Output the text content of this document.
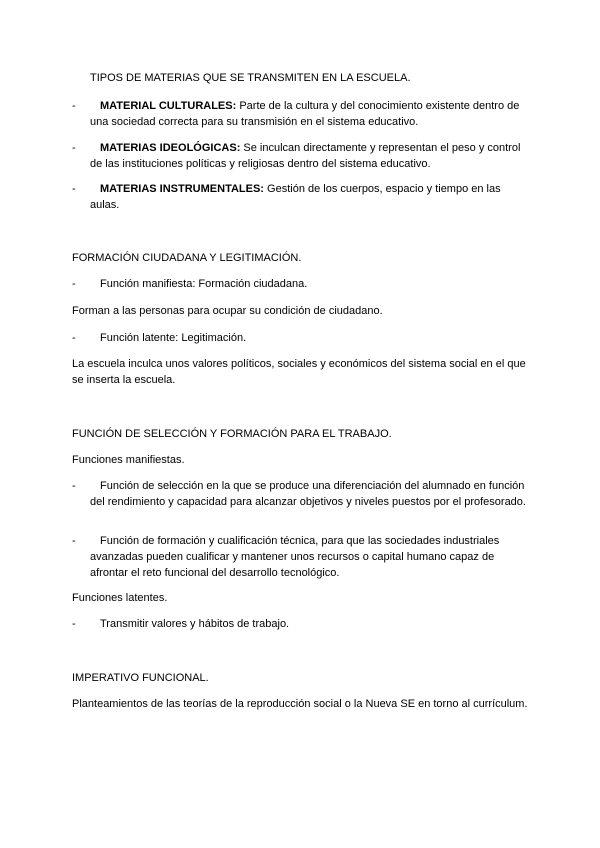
TIPOS DE MATERIAS QUE SE TRANSMITEN EN LA ESCUELA.

-	MATERIAL CULTURALES: Parte de la cultura y del conocimiento existente dentro de una sociedad correcta para su transmisión en el sistema educativo.
-	MATERIAS IDEOLÓGICAS: Se inculcan directamente y representan el peso y control de las instituciones políticas y religiosas dentro del sistema educativo.
-	MATERIAS INSTRUMENTALES: Gestión de los cuerpos, espacio y tiempo en las aulas.

FORMACIÓN CIUDADANA Y LEGITIMACIÓN.

-	Función manifiesta: Formación ciudadana.

Forman a las personas para ocupar su condición de ciudadano.

-	Función latente: Legitimación.

La escuela inculca unos valores políticos, sociales y económicos del sistema social en el que se inserta la escuela.

FUNCIÓN DE SELECCIÓN Y FORMACIÓN PARA EL TRABAJO.

Funciones manifiestas.

-	Función de selección en la que se produce una diferenciación del alumnado en función del rendimiento y capacidad para alcanzar objetivos y niveles puestos por el profesorado.
-	Función de formación y cualificación técnica, para que las sociedades industriales avanzadas pueden cualificar y mantener unos recursos o capital humano capaz de afrontar el reto funcional del desarrollo tecnológico.

Funciones latentes.

-	Transmitir valores y hábitos de trabajo.

IMPERATIVO FUNCIONAL.

Planteamientos de las teorías de la reproducción social o la Nueva SE en torno al currículum.
